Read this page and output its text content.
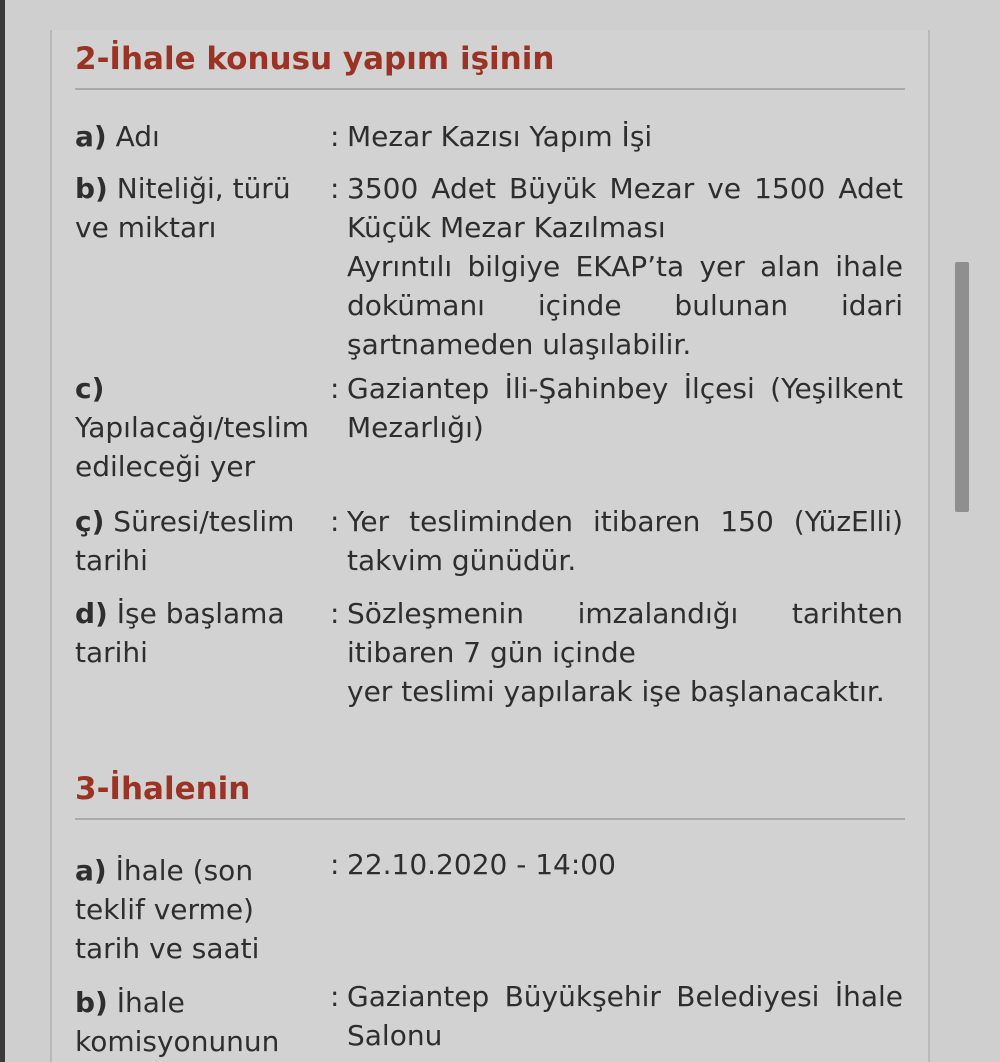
2-İhale konusu yapım işinin
a) Adı	: Mezar Kazısı Yapım İşi
b) Niteliği, türü ve miktarı
: 3500 Adet Büyük Mezar ve 1500 Adet
Küçük Mezar Kazılması
Ayrıntılı bilgiye EKAP’ta yer alan ihale
dokümanı içinde bulunan idari
şartnameden ulaşılabilir.
c) Yapılacağı/teslim edileceği yer
: Gaziantep İli-Şahinbey İlçesi (Yeşilkent
Mezarlığı)
ç) Süresi/teslim tarihi
: Yer tesliminden itibaren 150 (YüzElli)
takvim günüdür.
d) İşe başlama tarihi
: Sözleşmenin imzalandığı tarihten
itibaren 7 gün içinde
yer teslimi yapılarak işe başlanacaktır.
3-İhalenin
a) İhale (son teklif verme) tarih ve saati
: 22.10.2020 - 14:00
b) İhale komisyonunun
: Gaziantep Büyükşehir Belediyesi İhale
Salonu
